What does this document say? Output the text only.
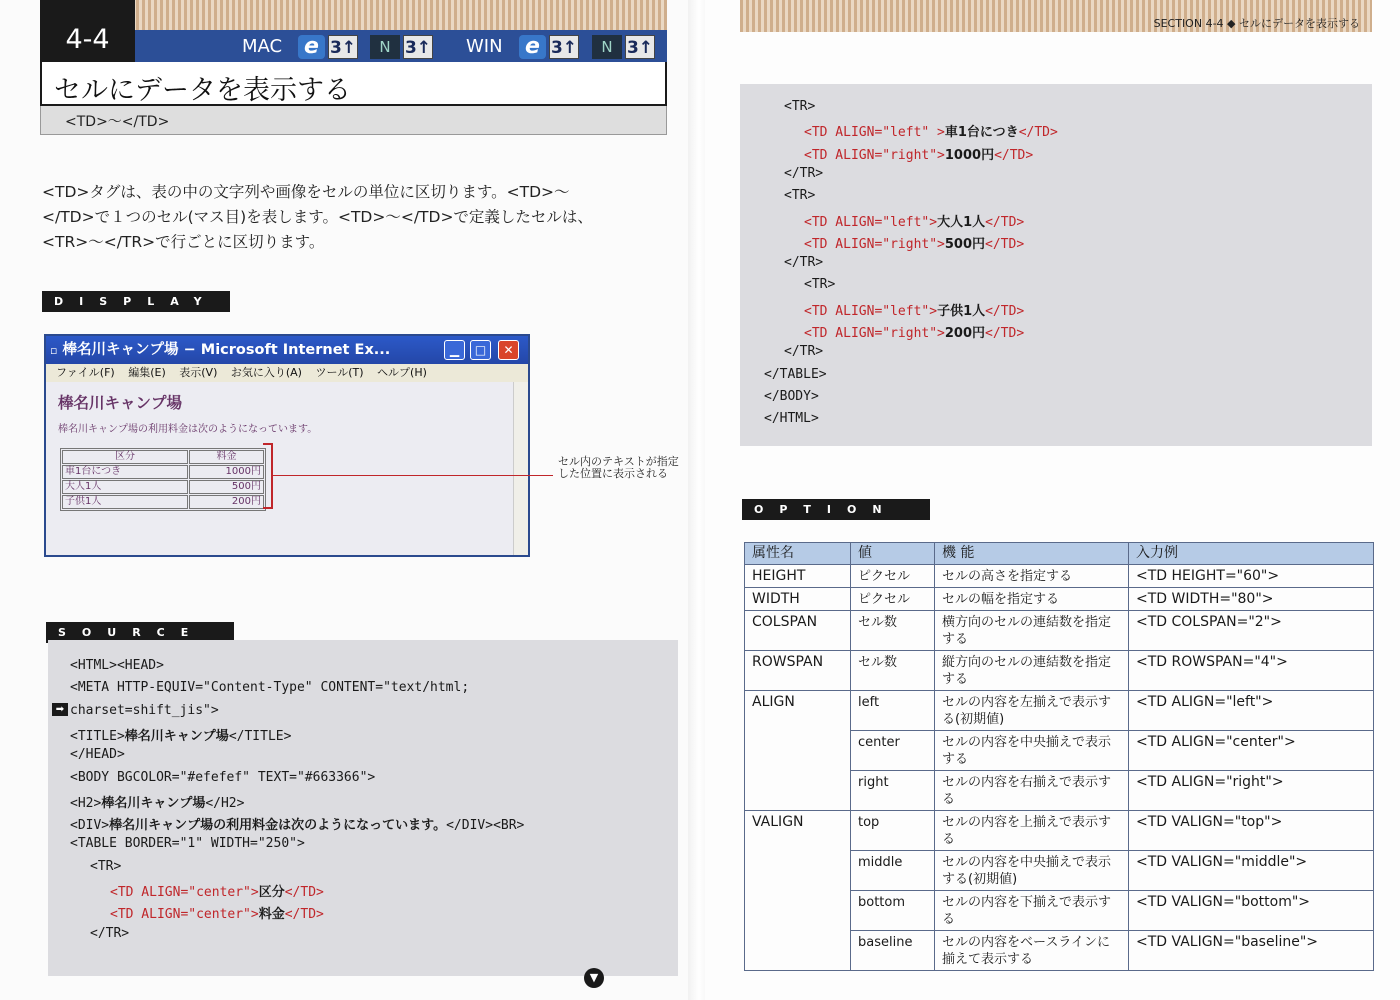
4-4	MAC e 3↑	N 3↑ WIN e 3↑	N 3↑
セルにデータを表示する
<TD>〜</TD>
<TD>タグは、表の中の文字列や画像をセルの単位に区切ります。<TD>〜
</TD>で１つのセル(マス目)を表します。<TD>〜</TD>で定義したセルは、
<TR>〜</TR>で行ごとに区切ります。
DISPLAY
▫ 棒名川キャンプ場 − Microsoft Internet Ex...	▁	□	✕
ファイル(F) 編集(E) 表示(V) お気に入り(A) ツール(T) ヘルプ(H)
棒名川キャンプ場
棒名川キャンプ場の利用料金は次のようになっています。
区分	料金
車1台につき	1000円
大人1人	500円
子供1人	200円
セル内のテキストが指定した位置に表示される
SOURCE
<HTML><HEAD>
<META HTTP-EQUIV="Content-Type" CONTENT="text/html;
charset=shift_jis">
<TITLE>棒名川キャンプ場</TITLE>
</HEAD>
<BODY BGCOLOR="#efefef" TEXT="#663366">
<H2>棒名川キャンプ場</H2>
<DIV>棒名川キャンプ場の利用料金は次のようになっています。</DIV><BR>
<TABLE BORDER="1" WIDTH="250">
<TR>
<TD ALIGN="center">区分</TD>
<TD ALIGN="center">料金</TD>
</TR>
➡
▼
SECTION 4-4 ◆ セルにデータを表示する
<TR>
<TD ALIGN="left" >車1台につき</TD>
<TD ALIGN="right">1000円</TD>
</TR>
<TR>
<TD ALIGN="left">大人1人</TD>
<TD ALIGN="right">500円</TD>
</TR>
<TR>
<TD ALIGN="left">子供1人</TD>
<TD ALIGN="right">200円</TD>
</TR>
</TABLE>
</BODY>
</HTML>
OPTION
属性名	値	機 能	入力例
HEIGHT	ピクセル	セルの高さを指定する	<TD HEIGHT="60">
WIDTH	ピクセル	セルの幅を指定する	<TD WIDTH="80">
COLSPAN	セル数	横方向のセルの連結数を指定する	<TD COLSPAN="2">
ROWSPAN	セル数	縦方向のセルの連結数を指定する	<TD ROWSPAN="4">
ALIGN	left	セルの内容を左揃えで表示する(初期値)	<TD ALIGN="left">
	center	セルの内容を中央揃えで表示する	<TD ALIGN="center">
	right	セルの内容を右揃えで表示する	<TD ALIGN="right">
VALIGN	top	セルの内容を上揃えで表示する	<TD VALIGN="top">
	middle	セルの内容を中央揃えで表示する(初期値)	<TD VALIGN="middle">
	bottom	セルの内容を下揃えで表示する	<TD VALIGN="bottom">
	baseline	セルの内容をベースラインに揃えて表示する	<TD VALIGN="baseline">
